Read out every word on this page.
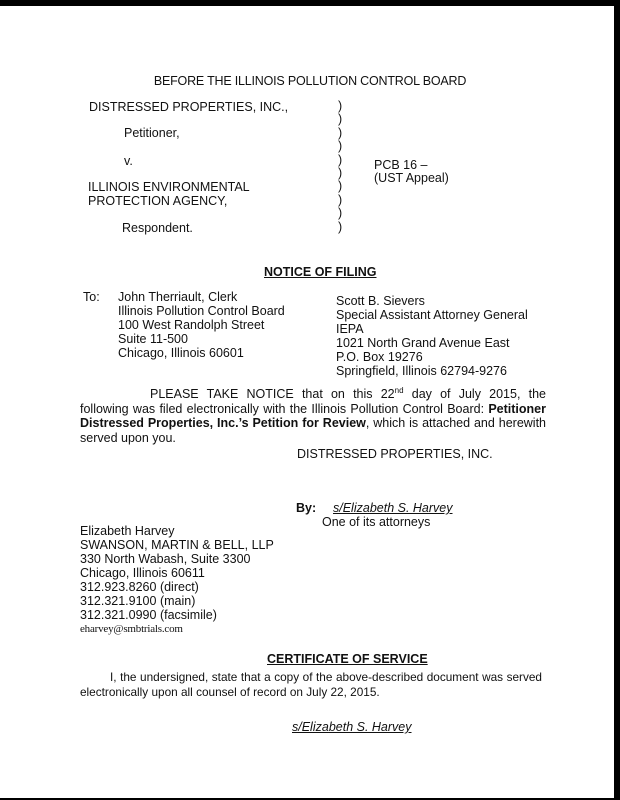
BEFORE THE ILLINOIS POLLUTION CONTROL BOARD
DISTRESSED PROPERTIES, INC.,
Petitioner,
v.
ILLINOIS ENVIRONMENTAL
PROTECTION AGENCY,
Respondent.
)
)
)
)
)
)
)
)
)
)
PCB 16 –
(UST Appeal)
NOTICE OF FILING
To: John Therriault, Clerk
Illinois Pollution Control Board
100 West Randolph Street
Suite 11-500
Chicago, Illinois 60601
Scott B. Sievers
Special Assistant Attorney General
IEPA
1021 North Grand Avenue East
P.O. Box 19276
Springfield, Illinois 62794-9276
PLEASE TAKE NOTICE that on this 22nd day of July 2015, the following was filed electronically with the Illinois Pollution Control Board: Petitioner Distressed Properties, Inc.’s Petition for Review, which is attached and herewith served upon you.
DISTRESSED PROPERTIES, INC.
By: s/Elizabeth S. Harvey
One of its attorneys
Elizabeth Harvey
SWANSON, MARTIN & BELL, LLP
330 North Wabash, Suite 3300
Chicago, Illinois 60611
312.923.8260 (direct)
312.321.9100 (main)
312.321.0990 (facsimile)
eharvey@smbtrials.com
CERTIFICATE OF SERVICE
I, the undersigned, state that a copy of the above-described document was served electronically upon all counsel of record on July 22, 2015.
s/Elizabeth S. Harvey
